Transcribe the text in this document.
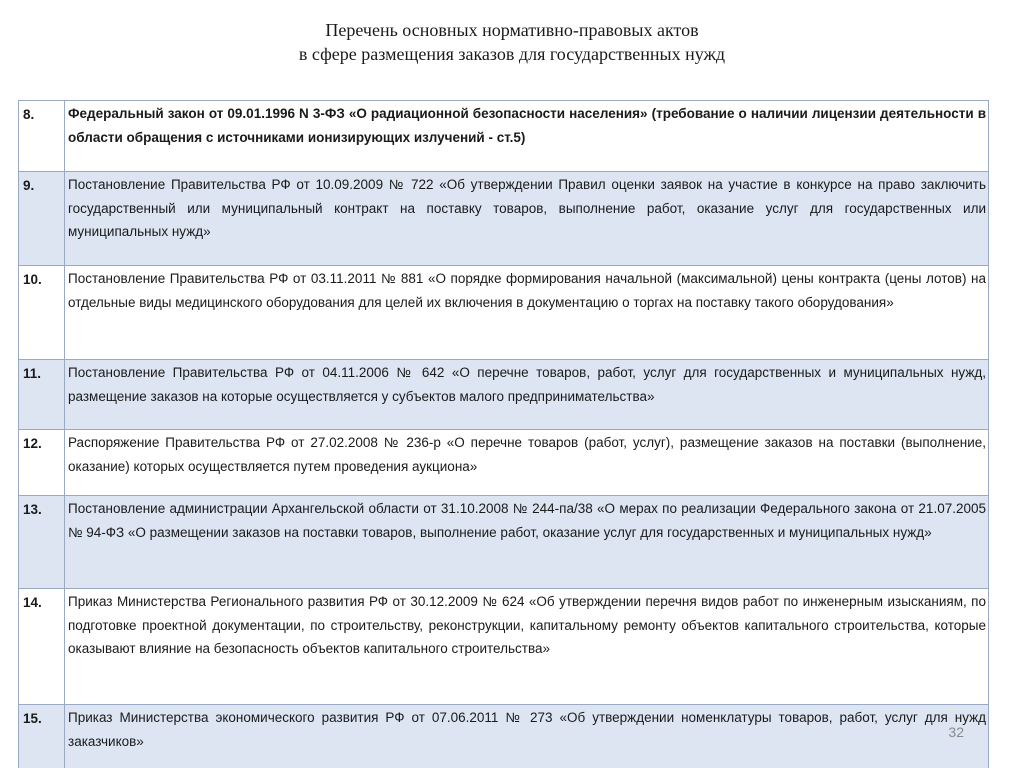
Перечень основных нормативно-правовых актов
в сфере размещения заказов для государственных нужд
8.	Федеральный закон от 09.01.1996 N 3-ФЗ «О радиационной безопасности населения» (требование о наличии лицензии деятельности в области обращения с источниками ионизирующих излучений - ст.5)
9.	Постановление Правительства РФ от 10.09.2009 № 722 «Об утверждении Правил оценки заявок на участие в конкурсе на право заключить государственный или муниципальный контракт на поставку товаров, выполнение работ, оказание услуг для государственных или муниципальных нужд»
10.	Постановление Правительства РФ от 03.11.2011 № 881 «О порядке формирования начальной (максимальной) цены контракта (цены лотов) на отдельные виды медицинского оборудования для целей их включения в документацию о торгах на поставку такого оборудования»
11.	Постановление Правительства РФ от 04.11.2006 № 642 «О перечне товаров, работ, услуг для государственных и муниципальных нужд, размещение заказов на которые осуществляется у субъектов малого предпринимательства»
12.	Распоряжение Правительства РФ от 27.02.2008 № 236-р «О перечне товаров (работ, услуг), размещение заказов на поставки (выполнение, оказание) которых осуществляется путем проведения аукциона»
13.	Постановление администрации Архангельской области от 31.10.2008 № 244-па/38 «О мерах по реализации Федерального закона от 21.07.2005 № 94-ФЗ «О размещении заказов на поставки товаров, выполнение работ, оказание услуг для государственных и муниципальных нужд»
14.	Приказ Министерства Регионального развития РФ от 30.12.2009 № 624 «Об утверждении перечня видов работ по инженерным изысканиям, по подготовке проектной документации, по строительству, реконструкции, капитальному ремонту объектов капитального строительства, которые оказывают влияние на безопасность объектов капитального строительства»
15.	Приказ Министерства экономического развития РФ от 07.06.2011 № 273 «Об утверждении номенклатуры товаров, работ, услуг для нужд заказчиков»
32
